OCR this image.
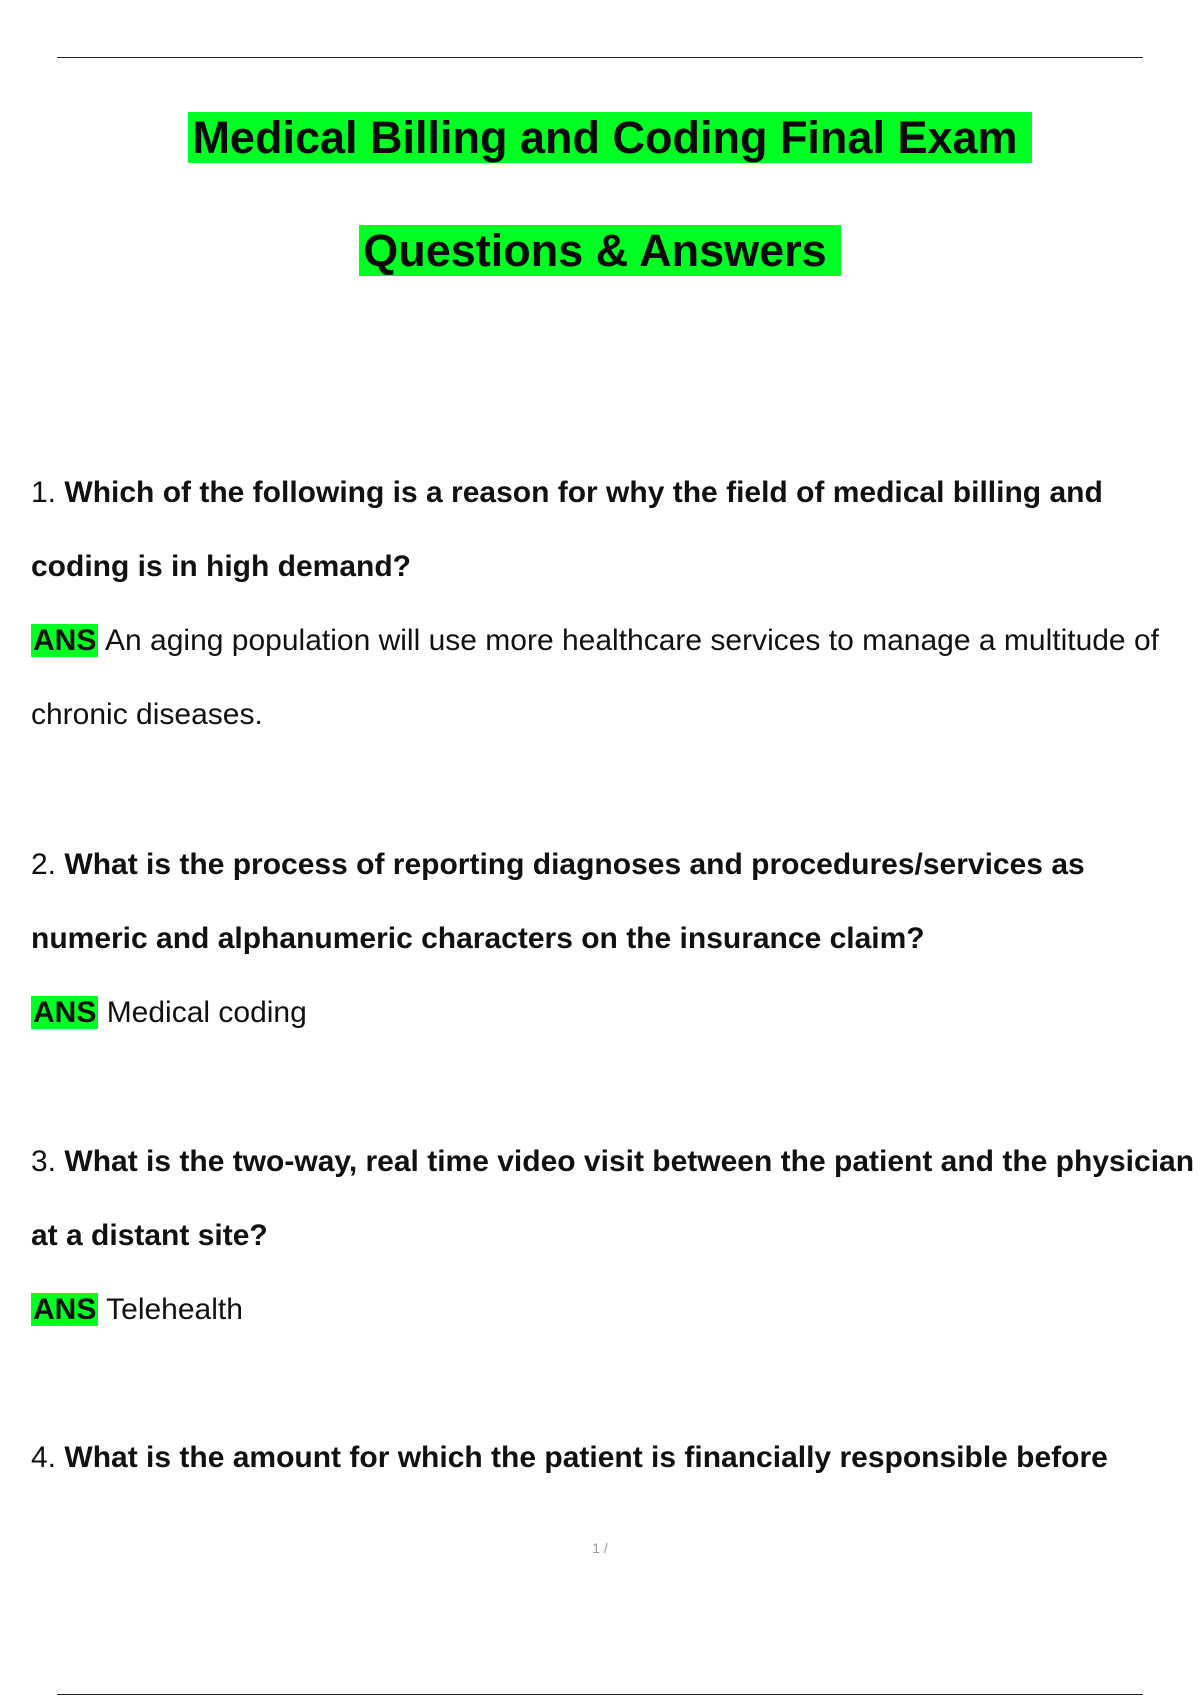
Medical Billing and Coding Final Exam
Questions & Answers

1. Which of the following is a reason for why the field of medical billing and coding is in high demand?

ANS An aging population will use more healthcare services to manage a multitude of chronic diseases.

2. What is the process of reporting diagnoses and procedures/services as numeric and alphanumeric characters on the insurance claim?

ANS Medical coding

3. What is the two-way, real time video visit between the patient and the physician at a distant site?

ANS Telehealth

4. What is the amount for which the patient is financially responsible before

1 /
